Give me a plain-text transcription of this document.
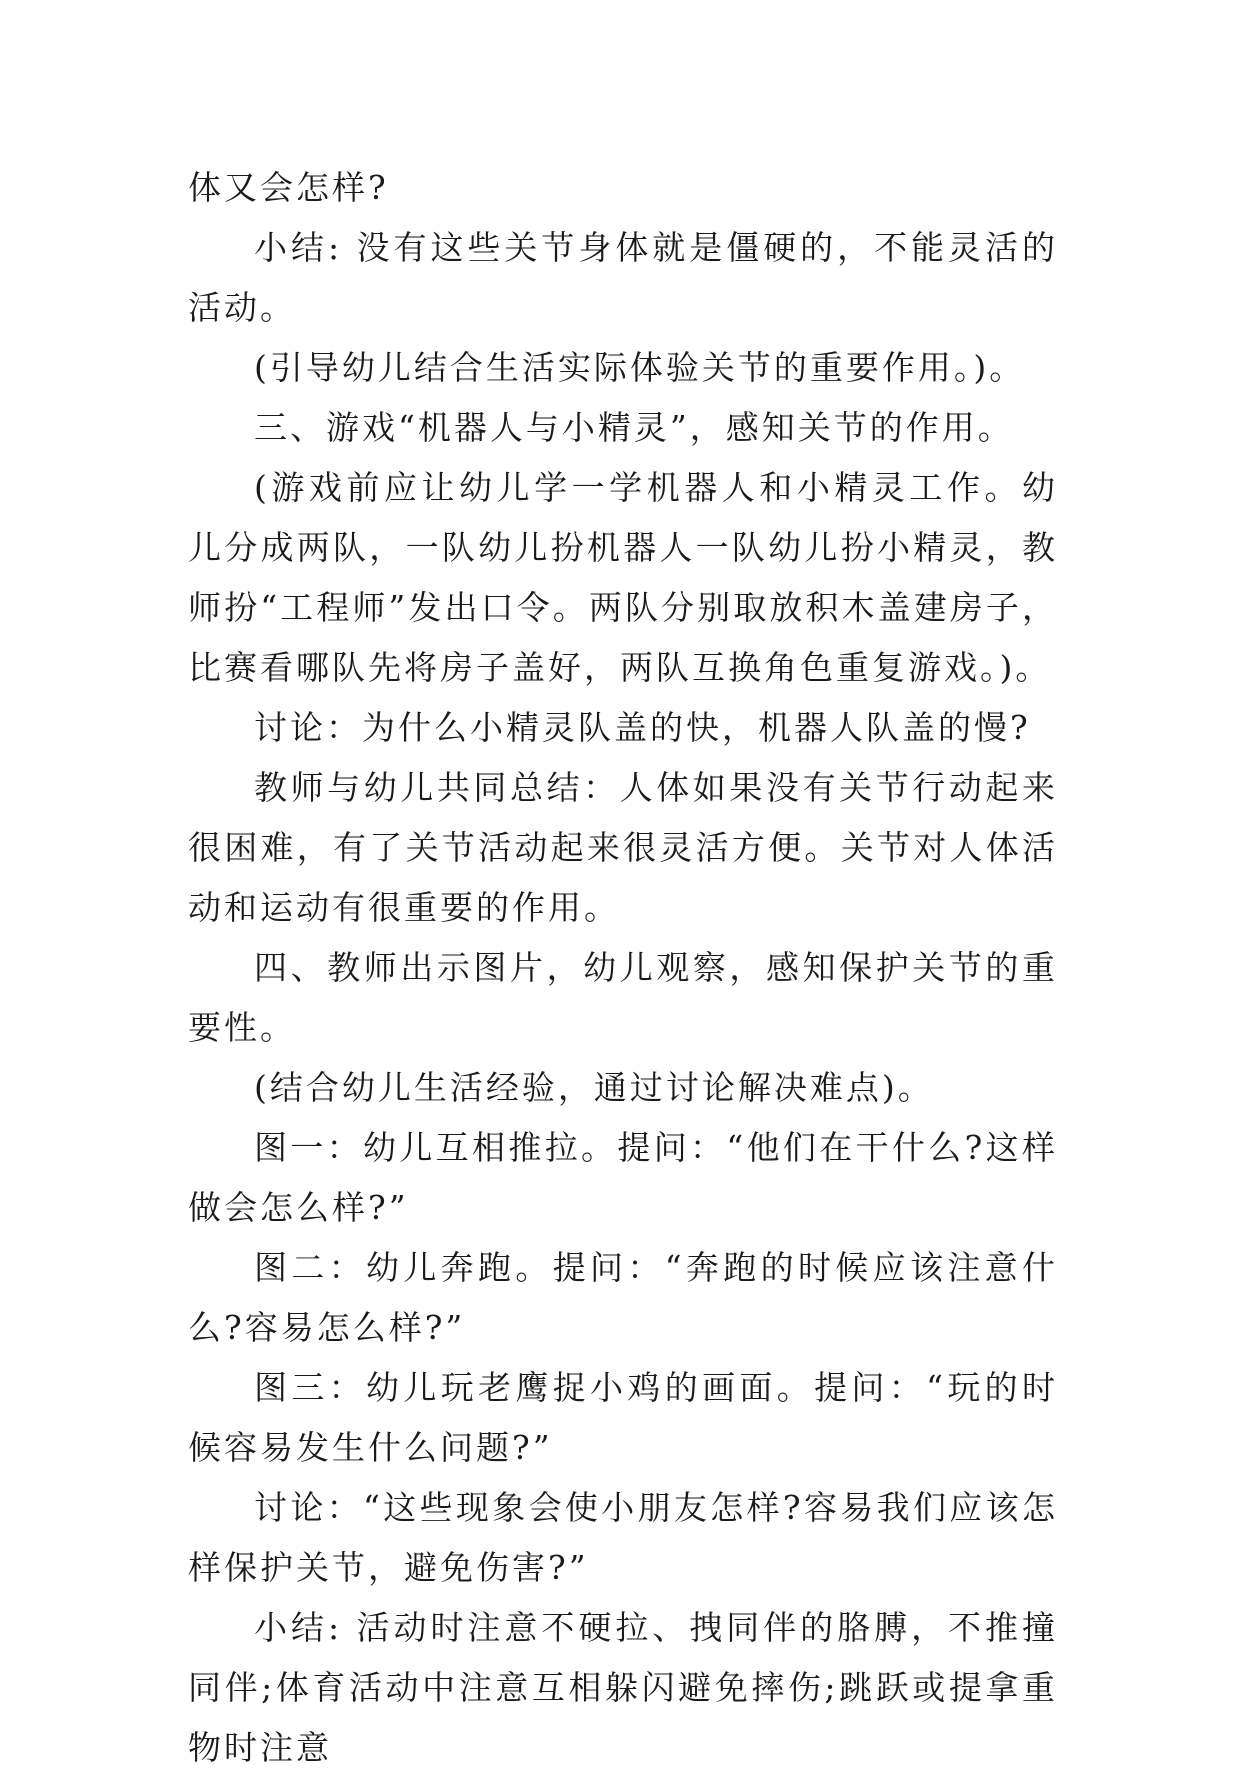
体又会怎样?

小结: 没有这些关节身体就是僵硬的，不能灵活的活动。

(引导幼儿结合生活实际体验关节的重要作用。)。

三、游戏“机器人与小精灵”，感知关节的作用。

(游戏前应让幼儿学一学机器人和小精灵工作。幼儿分成两队，一队幼儿扮机器人一队幼儿扮小精灵，教师扮“工程师”发出口令。两队分别取放积木盖建房子，比赛看哪队先将房子盖好，两队互换角色重复游戏。)。

讨论：为什么小精灵队盖的快，机器人队盖的慢?

教师与幼儿共同总结：人体如果没有关节行动起来很困难，有了关节活动起来很灵活方便。关节对人体活动和运动有很重要的作用。

四、教师出示图片，幼儿观察，感知保护关节的重要性。

(结合幼儿生活经验，通过讨论解决难点)。

图一：幼儿互相推拉。提问：“他们在干什么?这样做会怎么样?”

图二：幼儿奔跑。提问：“奔跑的时候应该注意什么?容易怎么样?”

图三：幼儿玩老鹰捉小鸡的画面。提问：“玩的时候容易发生什么问题?”

讨论：“这些现象会使小朋友怎样?容易我们应该怎样保护关节，避免伤害?”

小结: 活动时注意不硬拉、拽同伴的胳膊，不推撞同伴;体育活动中注意互相躲闪避免摔伤;跳跃或提拿重物时注意
